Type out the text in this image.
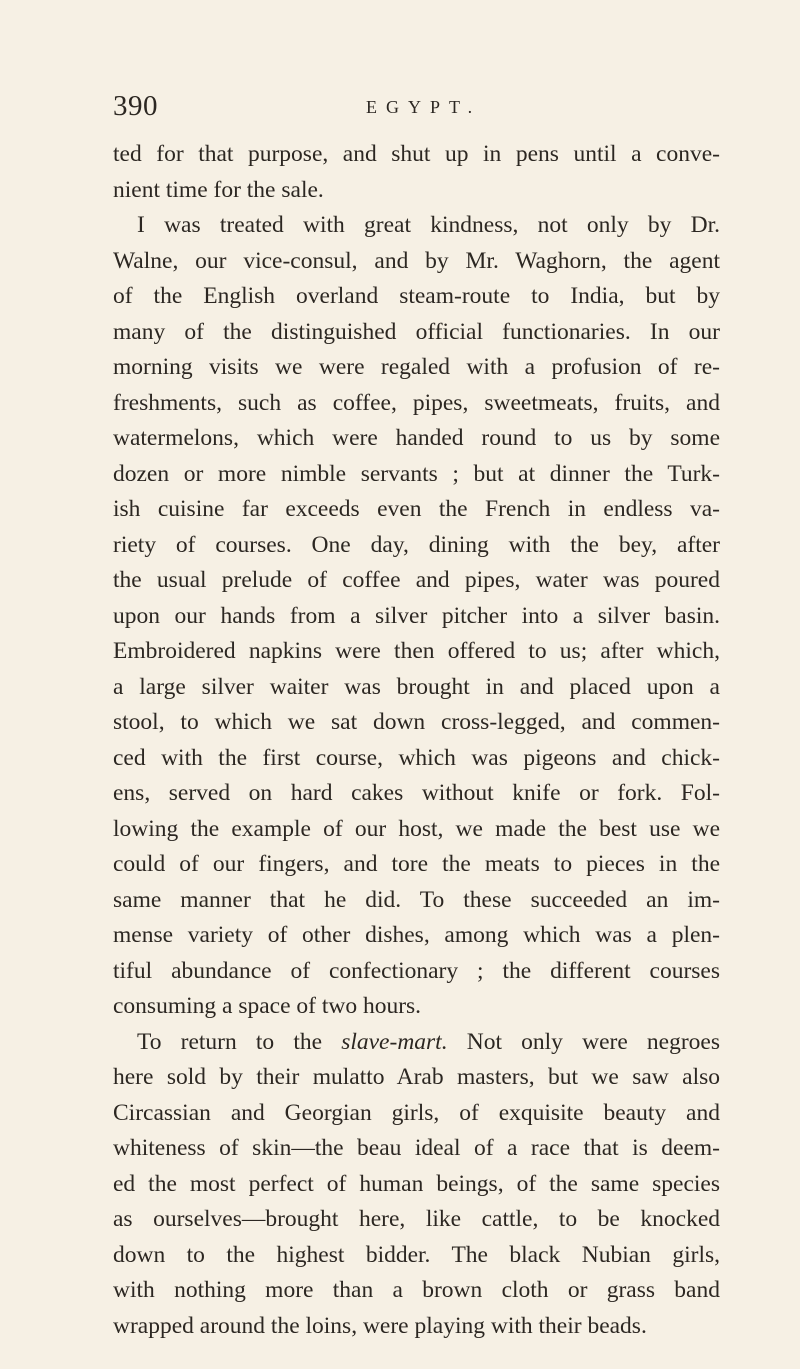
390	EGYPT.
ted for that purpose, and shut up in pens until a conve-
nient time for the sale.
I was treated with great kindness, not only by Dr.
Walne, our vice-consul, and by Mr. Waghorn, the agent
of the English overland steam-route to India, but by
many of the distinguished official functionaries. In our
morning visits we were regaled with a profusion of re-
freshments, such as coffee, pipes, sweetmeats, fruits, and
watermelons, which were handed round to us by some
dozen or more nimble servants ; but at dinner the Turk-
ish cuisine far exceeds even the French in endless va-
riety of courses. One day, dining with the bey, after
the usual prelude of coffee and pipes, water was poured
upon our hands from a silver pitcher into a silver basin.
Embroidered napkins were then offered to us; after which,
a large silver waiter was brought in and placed upon a
stool, to which we sat down cross-legged, and commen-
ced with the first course, which was pigeons and chick-
ens, served on hard cakes without knife or fork. Fol-
lowing the example of our host, we made the best use we
could of our fingers, and tore the meats to pieces in the
same manner that he did. To these succeeded an im-
mense variety of other dishes, among which was a plen-
tiful abundance of confectionary ; the different courses
consuming a space of two hours.
To return to the slave-mart. Not only were negroes
here sold by their mulatto Arab masters, but we saw also
Circassian and Georgian girls, of exquisite beauty and
whiteness of skin—the beau ideal of a race that is deem-
ed the most perfect of human beings, of the same species
as ourselves—brought here, like cattle, to be knocked
down to the highest bidder. The black Nubian girls,
with nothing more than a brown cloth or grass band
wrapped around the loins, were playing with their beads.
